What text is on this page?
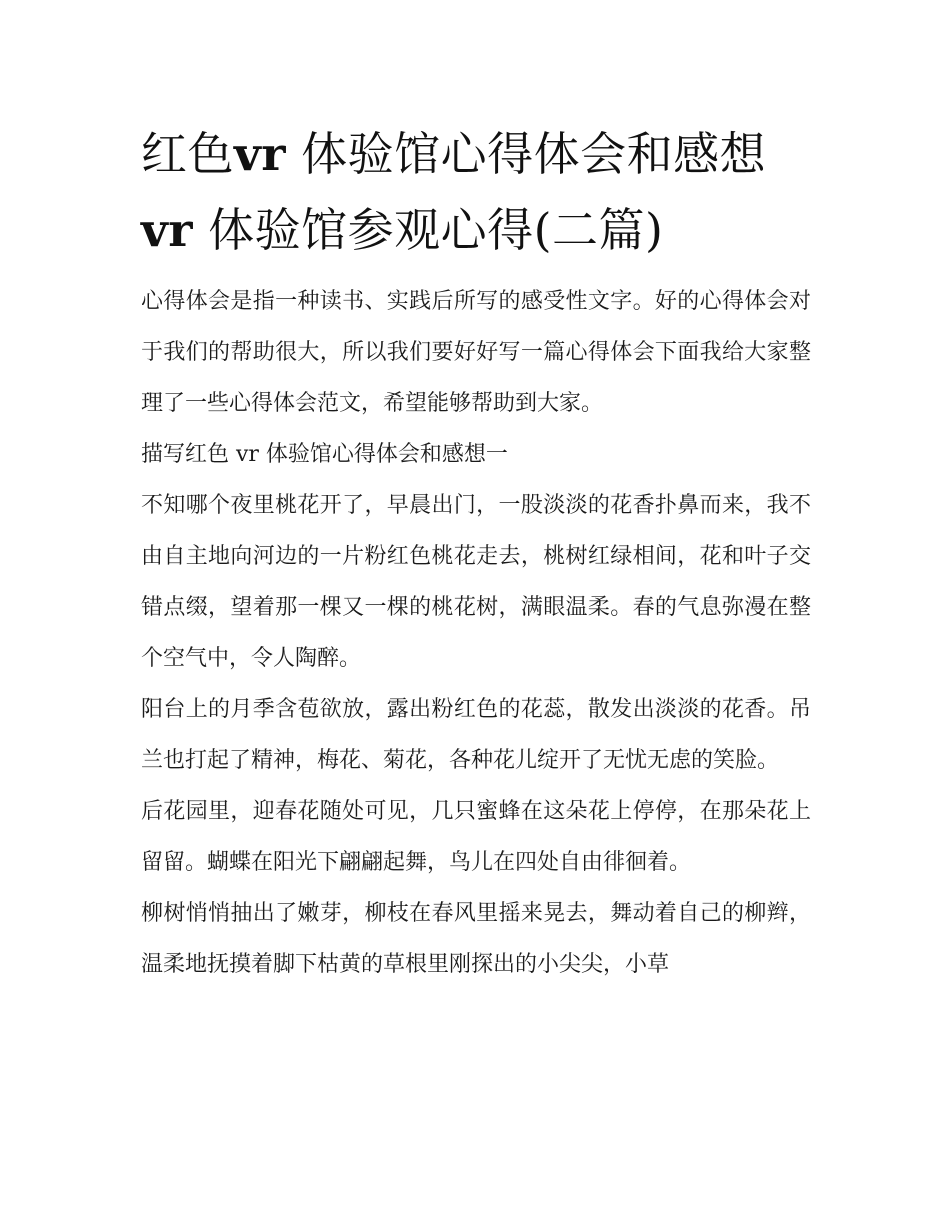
红色vr 体验馆心得体会和感想
vr 体验馆参观心得(二篇)

心得体会是指一种读书、实践后所写的感受性文字。好的心得体会对于我们的帮助很大，所以我们要好好写一篇心得体会下面我给大家整理了一些心得体会范文，希望能够帮助到大家。

描写红色 vr 体验馆心得体会和感想一

不知哪个夜里桃花开了，早晨出门，一股淡淡的花香扑鼻而来，我不由自主地向河边的一片粉红色桃花走去，桃树红绿相间，花和叶子交错点缀，望着那一棵又一棵的桃花树，满眼温柔。春的气息弥漫在整个空气中，令人陶醉。

阳台上的月季含苞欲放，露出粉红色的花蕊，散发出淡淡的花香。吊兰也打起了精神，梅花、菊花，各种花儿绽开了无忧无虑的笑脸。

后花园里，迎春花随处可见，几只蜜蜂在这朵花上停停，在那朵花上留留。蝴蝶在阳光下翩翩起舞，鸟儿在四处自由徘徊着。

柳树悄悄抽出了嫩芽，柳枝在春风里摇来晃去，舞动着自己的柳辫，温柔地抚摸着脚下枯黄的草根里刚探出的小尖尖，小草
